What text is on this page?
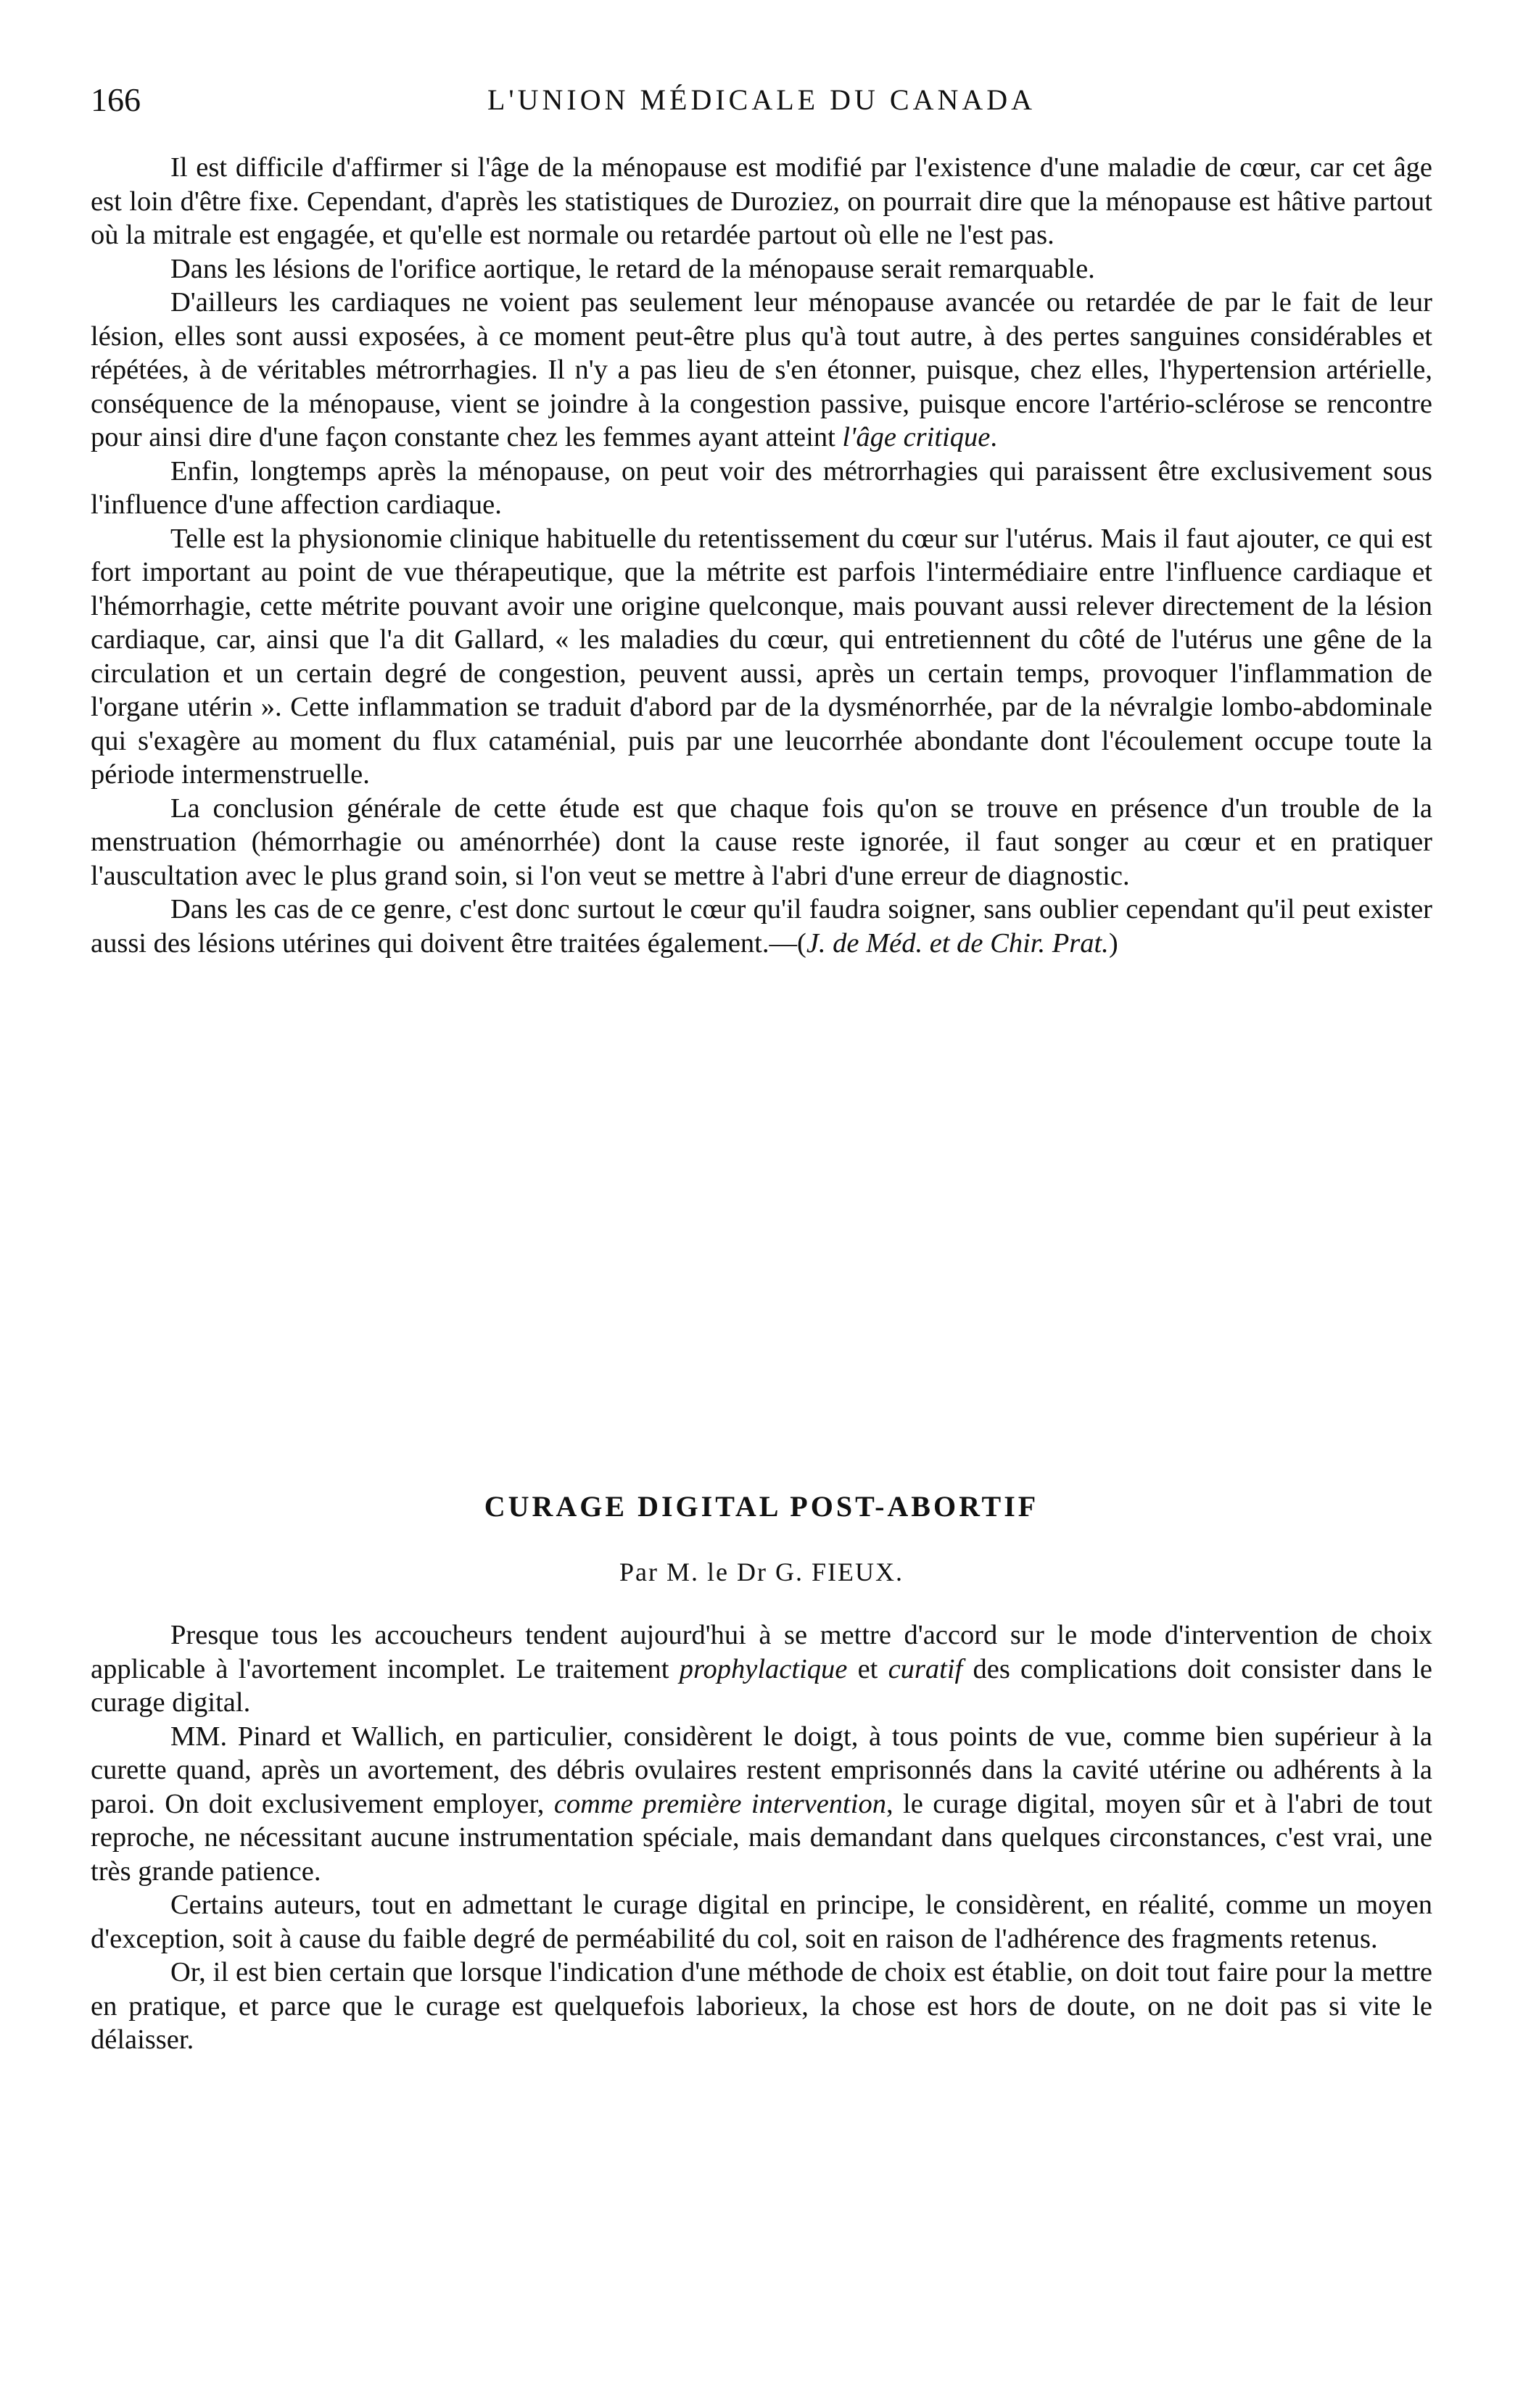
166	L'UNION MÉDICALE DU CANADA

Il est difficile d'affirmer si l'âge de la ménopause est modifié par l'existence d'une maladie de cœur, car cet âge est loin d'être fixe. Cependant, d'après les statistiques de Duroziez, on pourrait dire que la ménopause est hâtive partout où la mitrale est engagée, et qu'elle est normale ou retardée partout où elle ne l'est pas.

Dans les lésions de l'orifice aortique, le retard de la ménopause serait remarquable.

D'ailleurs les cardiaques ne voient pas seulement leur ménopause avancée ou retardée de par le fait de leur lésion, elles sont aussi exposées, à ce moment peut-être plus qu'à tout autre, à des pertes sanguines considérables et répétées, à de véritables métrorrhagies. Il n'y a pas lieu de s'en étonner, puisque, chez elles, l'hypertension artérielle, conséquence de la ménopause, vient se joindre à la congestion passive, puisque encore l'artério-sclérose se rencontre pour ainsi dire d'une façon constante chez les femmes ayant atteint l'âge critique.

Enfin, longtemps après la ménopause, on peut voir des métrorrhagies qui paraissent être exclusivement sous l'influence d'une affection cardiaque.

Telle est la physionomie clinique habituelle du retentissement du cœur sur l'utérus. Mais il faut ajouter, ce qui est fort important au point de vue thérapeutique, que la métrite est parfois l'intermédiaire entre l'influence cardiaque et l'hémorrhagie, cette métrite pouvant avoir une origine quelconque, mais pouvant aussi relever directement de la lésion cardiaque, car, ainsi que l'a dit Gallard, « les maladies du cœur, qui entretiennent du côté de l'utérus une gêne de la circulation et un certain degré de congestion, peuvent aussi, après un certain temps, provoquer l'inflammation de l'organe utérin ». Cette inflammation se traduit d'abord par de la dysménorrhée, par de la névralgie lombo-abdominale qui s'exagère au moment du flux cataménial, puis par une leucorrhée abondante dont l'écoulement occupe toute la période intermenstruelle.

La conclusion générale de cette étude est que chaque fois qu'on se trouve en présence d'un trouble de la menstruation (hémorrhagie ou aménorrhée) dont la cause reste ignorée, il faut songer au cœur et en pratiquer l'auscultation avec le plus grand soin, si l'on veut se mettre à l'abri d'une erreur de diagnostic.

Dans les cas de ce genre, c'est donc surtout le cœur qu'il faudra soigner, sans oublier cependant qu'il peut exister aussi des lésions utérines qui doivent être traitées également.—(J. de Méd. et de Chir. Prat.)

CURAGE DIGITAL POST-ABORTIF
Par M. le Dr G. FIEUX.

Presque tous les accoucheurs tendent aujourd'hui à se mettre d'accord sur le mode d'intervention de choix applicable à l'avortement incomplet. Le traitement prophylactique et curatif des complications doit consister dans le curage digital.

MM. Pinard et Wallich, en particulier, considèrent le doigt, à tous points de vue, comme bien supérieur à la curette quand, après un avortement, des débris ovulaires restent emprisonnés dans la cavité utérine ou adhérents à la paroi. On doit exclusivement employer, comme première intervention, le curage digital, moyen sûr et à l'abri de tout reproche, ne nécessitant aucune instrumentation spéciale, mais demandant dans quelques circonstances, c'est vrai, une très grande patience.

Certains auteurs, tout en admettant le curage digital en principe, le considèrent, en réalité, comme un moyen d'exception, soit à cause du faible degré de perméabilité du col, soit en raison de l'adhérence des fragments retenus.

Or, il est bien certain que lorsque l'indication d'une méthode de choix est établie, on doit tout faire pour la mettre en pratique, et parce que le curage est quelquefois laborieux, la chose est hors de doute, on ne doit pas si vite le délaisser.
